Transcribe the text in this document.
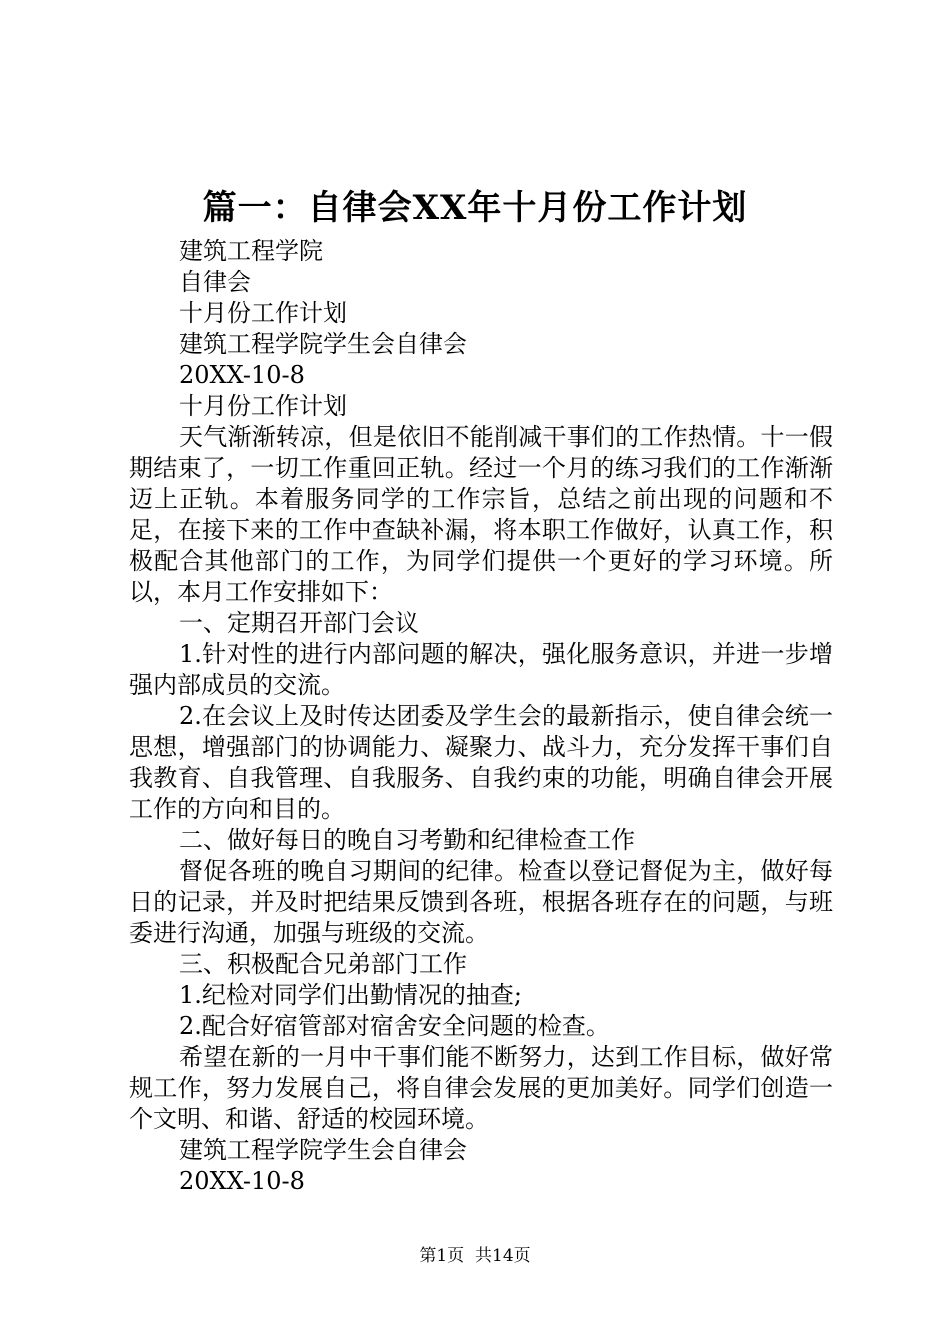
篇一：自律会XX年十月份工作计划

建筑工程学院

自律会

十月份工作计划

建筑工程学院学生会自律会

20XX-10-8

十月份工作计划

天气渐渐转凉，但是依旧不能削减干事们的工作热情。十一假期结束了，一切工作重回正轨。经过一个月的练习我们的工作渐渐迈上正轨。本着服务同学的工作宗旨，总结之前出现的问题和不足，在接下来的工作中查缺补漏，将本职工作做好，认真工作，积极配合其他部门的工作，为同学们提供一个更好的学习环境。所以，本月工作安排如下：

一、定期召开部门会议

1.针对性的进行内部问题的解决，强化服务意识，并进一步增强内部成员的交流。

2.在会议上及时传达团委及学生会的最新指示，使自律会统一思想，增强部门的协调能力、凝聚力、战斗力，充分发挥干事们自我教育、自我管理、自我服务、自我约束的功能，明确自律会开展工作的方向和目的。

二、做好每日的晚自习考勤和纪律检查工作

督促各班的晚自习期间的纪律。检查以登记督促为主，做好每日的记录，并及时把结果反馈到各班，根据各班存在的问题，与班委进行沟通，加强与班级的交流。

三、积极配合兄弟部门工作

1.纪检对同学们出勤情况的抽查;

2.配合好宿管部对宿舍安全问题的检查。

希望在新的一月中干事们能不断努力，达到工作目标，做好常规工作，努力发展自己，将自律会发展的更加美好。同学们创造一个文明、和谐、舒适的校园环境。

建筑工程学院学生会自律会

20XX-10-8

第1页 共14页
